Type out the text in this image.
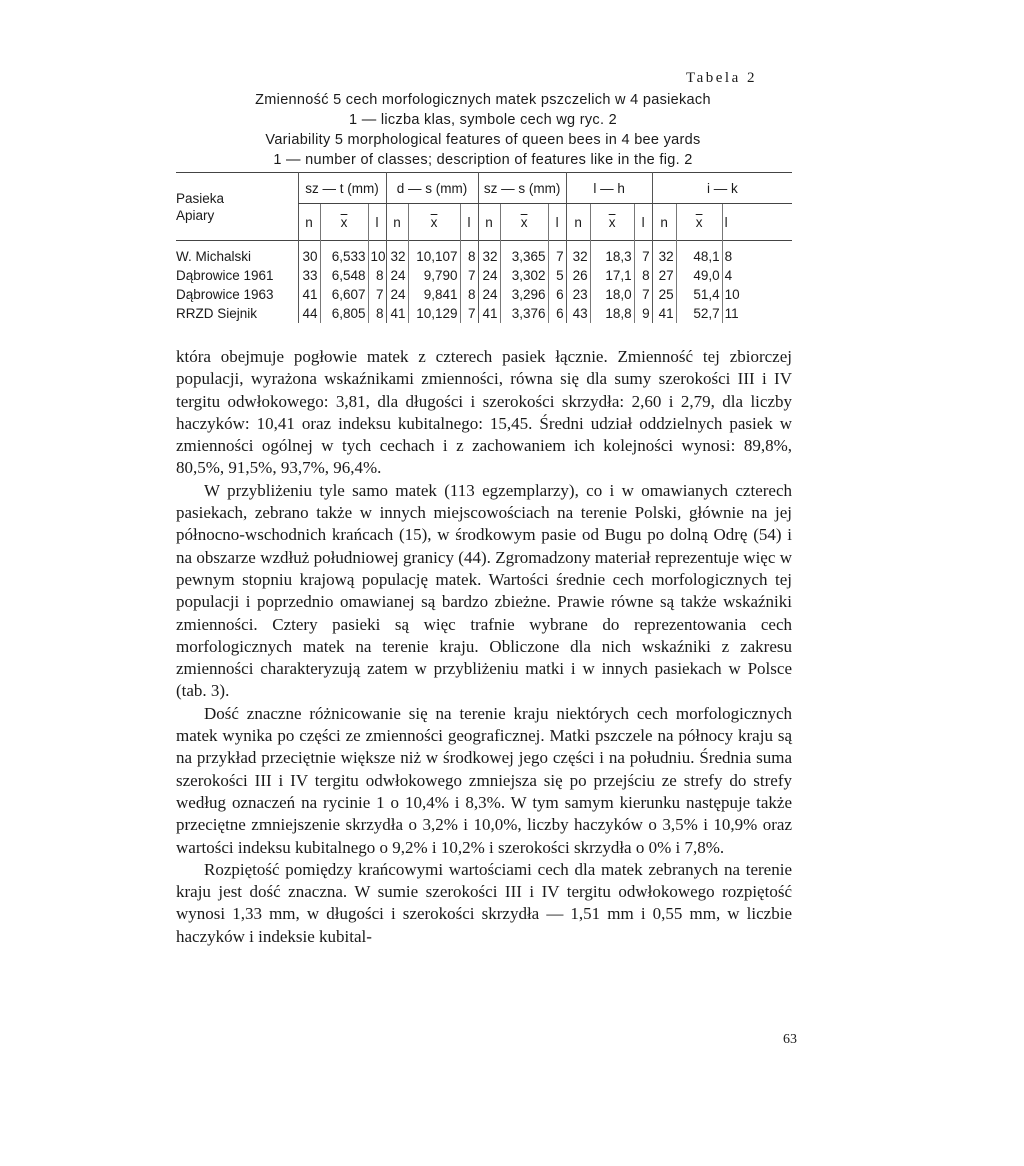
Tabela 2
Zmienność 5 cech morfologicznych matek pszczelich w 4 pasiekach
1 — liczba klas, symbole cech wg ryc. 2
Variability 5 morphological features of queen bees in 4 bee yards
1 — number of classes; description of features like in the fig. 2
Pasieka
Apiary	sz — t (mm)			d — s (mm)			sz — s (mm)			l — h			i — k		
	n	$\overline{x}$	l	n	$\overline{x}$	l	n	$\overline{x}$	l	n	$\overline{x}$	l	n	$\overline{x}$	l
W. Michalski	30	6,533	10	32	10,107	8	32	3,365	7	32	18,3	7	32	48,1	8
Dąbrowice 1961	33	6,548	8	24	9,790	7	24	3,302	5	26	17,1	8	27	49,0	4
Dąbrowice 1963	41	6,607	7	24	9,841	8	24	3,296	6	23	18,0	7	25	51,4	10
RRZD Siejnik	44	6,805	8	41	10,129	7	41	3,376	6	43	18,8	9	41	52,7	11

która obejmuje pogłowie matek z czterech pasiek łącznie. Zmienność tej zbiorczej populacji, wyrażona wskaźnikami zmienności, równa się dla sumy szerokości III i IV tergitu odwłokowego: 3,81, dla długości i szerokości skrzydła: 2,60 i 2,79, dla liczby haczyków: 10,41 oraz indeksu kubitalnego: 15,45. Średni udział oddzielnych pasiek w zmienności ogólnej w tych cechach i z zachowaniem ich kolejności wynosi: 89,8%, 80,5%, 91,5%, 93,7%, 96,4%.

W przybliżeniu tyle samo matek (113 egzemplarzy), co i w omawianych czterech pasiekach, zebrano także w innych miejscowościach na terenie Polski, głównie na jej północno-wschodnich krańcach (15), w środkowym pasie od Bugu po dolną Odrę (54) i na obszarze wzdłuż południowej granicy (44). Zgromadzony materiał reprezentuje więc w pewnym stopniu krajową populację matek. Wartości średnie cech morfologicznych tej populacji i poprzednio omawianej są bardzo zbieżne. Prawie równe są także wskaźniki zmienności. Cztery pasieki są więc trafnie wybrane do reprezentowania cech morfologicznych matek na terenie kraju. Obliczone dla nich wskaźniki z zakresu zmienności charakteryzują zatem w przybliżeniu matki i w innych pasiekach w Polsce (tab. 3).

Dość znaczne różnicowanie się na terenie kraju niektórych cech morfologicznych matek wynika po części ze zmienności geograficznej. Matki pszczele na północy kraju są na przykład przeciętnie większe niż w środkowej jego części i na południu. Średnia suma szerokości III i IV tergitu odwłokowego zmniejsza się po przejściu ze strefy do strefy według oznaczeń na rycinie 1 o 10,4% i 8,3%. W tym samym kierunku następuje także przeciętne zmniejszenie skrzydła o 3,2% i 10,0%, liczby haczyków o 3,5% i 10,9% oraz wartości indeksu kubitalnego o 9,2% i 10,2% i szerokości skrzydła o 0% i 7,8%.

Rozpiętość pomiędzy krańcowymi wartościami cech dla matek zebranych na terenie kraju jest dość znaczna. W sumie szerokości III i IV tergitu odwłokowego rozpiętość wynosi 1,33 mm, w długości i szerokości skrzydła — 1,51 mm i 0,55 mm, w liczbie haczyków i indeksie kubital-

63
